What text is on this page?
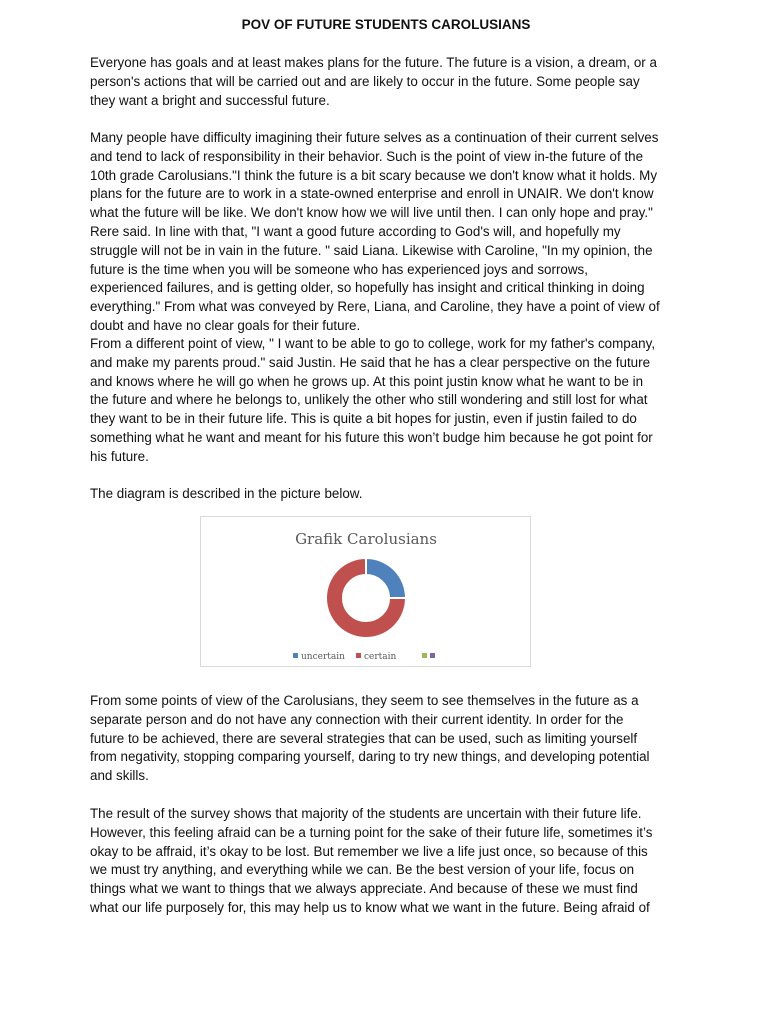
POV OF FUTURE STUDENTS CAROLUSIANS
Everyone has goals and at least makes plans for the future. The future is a vision, a dream, or a
person's actions that will be carried out and are likely to occur in the future. Some people say
they want a bright and successful future.
Many people have difficulty imagining their future selves as a continuation of their current selves
and tend to lack of responsibility in their behavior. Such is the point of view in-the future of the
10th grade Carolusians."I think the future is a bit scary because we don't know what it holds. My
plans for the future are to work in a state-owned enterprise and enroll in UNAIR. We don't know
what the future will be like. We don't know how we will live until then. I can only hope and pray."
Rere said. In line with that, "I want a good future according to God's will, and hopefully my
struggle will not be in vain in the future. " said Liana. Likewise with Caroline, "In my opinion, the
future is the time when you will be someone who has experienced joys and sorrows,
experienced failures, and is getting older, so hopefully has insight and critical thinking in doing
everything." From what was conveyed by Rere, Liana, and Caroline, they have a point of view of
doubt and have no clear goals for their future.
From a different point of view, " I want to be able to go to college, work for my father's company,
and make my parents proud." said Justin. He said that he has a clear perspective on the future
and knows where he will go when he grows up. At this point justin know what he want to be in
the future and where he belongs to, unlikely the other who still wondering and still lost for what
they want to be in their future life. This is quite a bit hopes for justin, even if justin failed to do
something what he want and meant for his future this won’t budge him because he got point for
his future.
The diagram is described in the picture below.
From some points of view of the Carolusians, they seem to see themselves in the future as a
separate person and do not have any connection with their current identity. In order for the
future to be achieved, there are several strategies that can be used, such as limiting yourself
from negativity, stopping comparing yourself, daring to try new things, and developing potential
and skills.
The result of the survey shows that majority of the students are uncertain with their future life.
However, this feeling afraid can be a turning point for the sake of their future life, sometimes it’s
okay to be affraid, it’s okay to be lost. But remember we live a life just once, so because of this
we must try anything, and everything while we can. Be the best version of your life, focus on
things what we want to things that we always appreciate. And because of these we must find
what our life purposely for, this may help us to know what we want in the future. Being afraid of
Grafik Carolusians
uncertain certain
